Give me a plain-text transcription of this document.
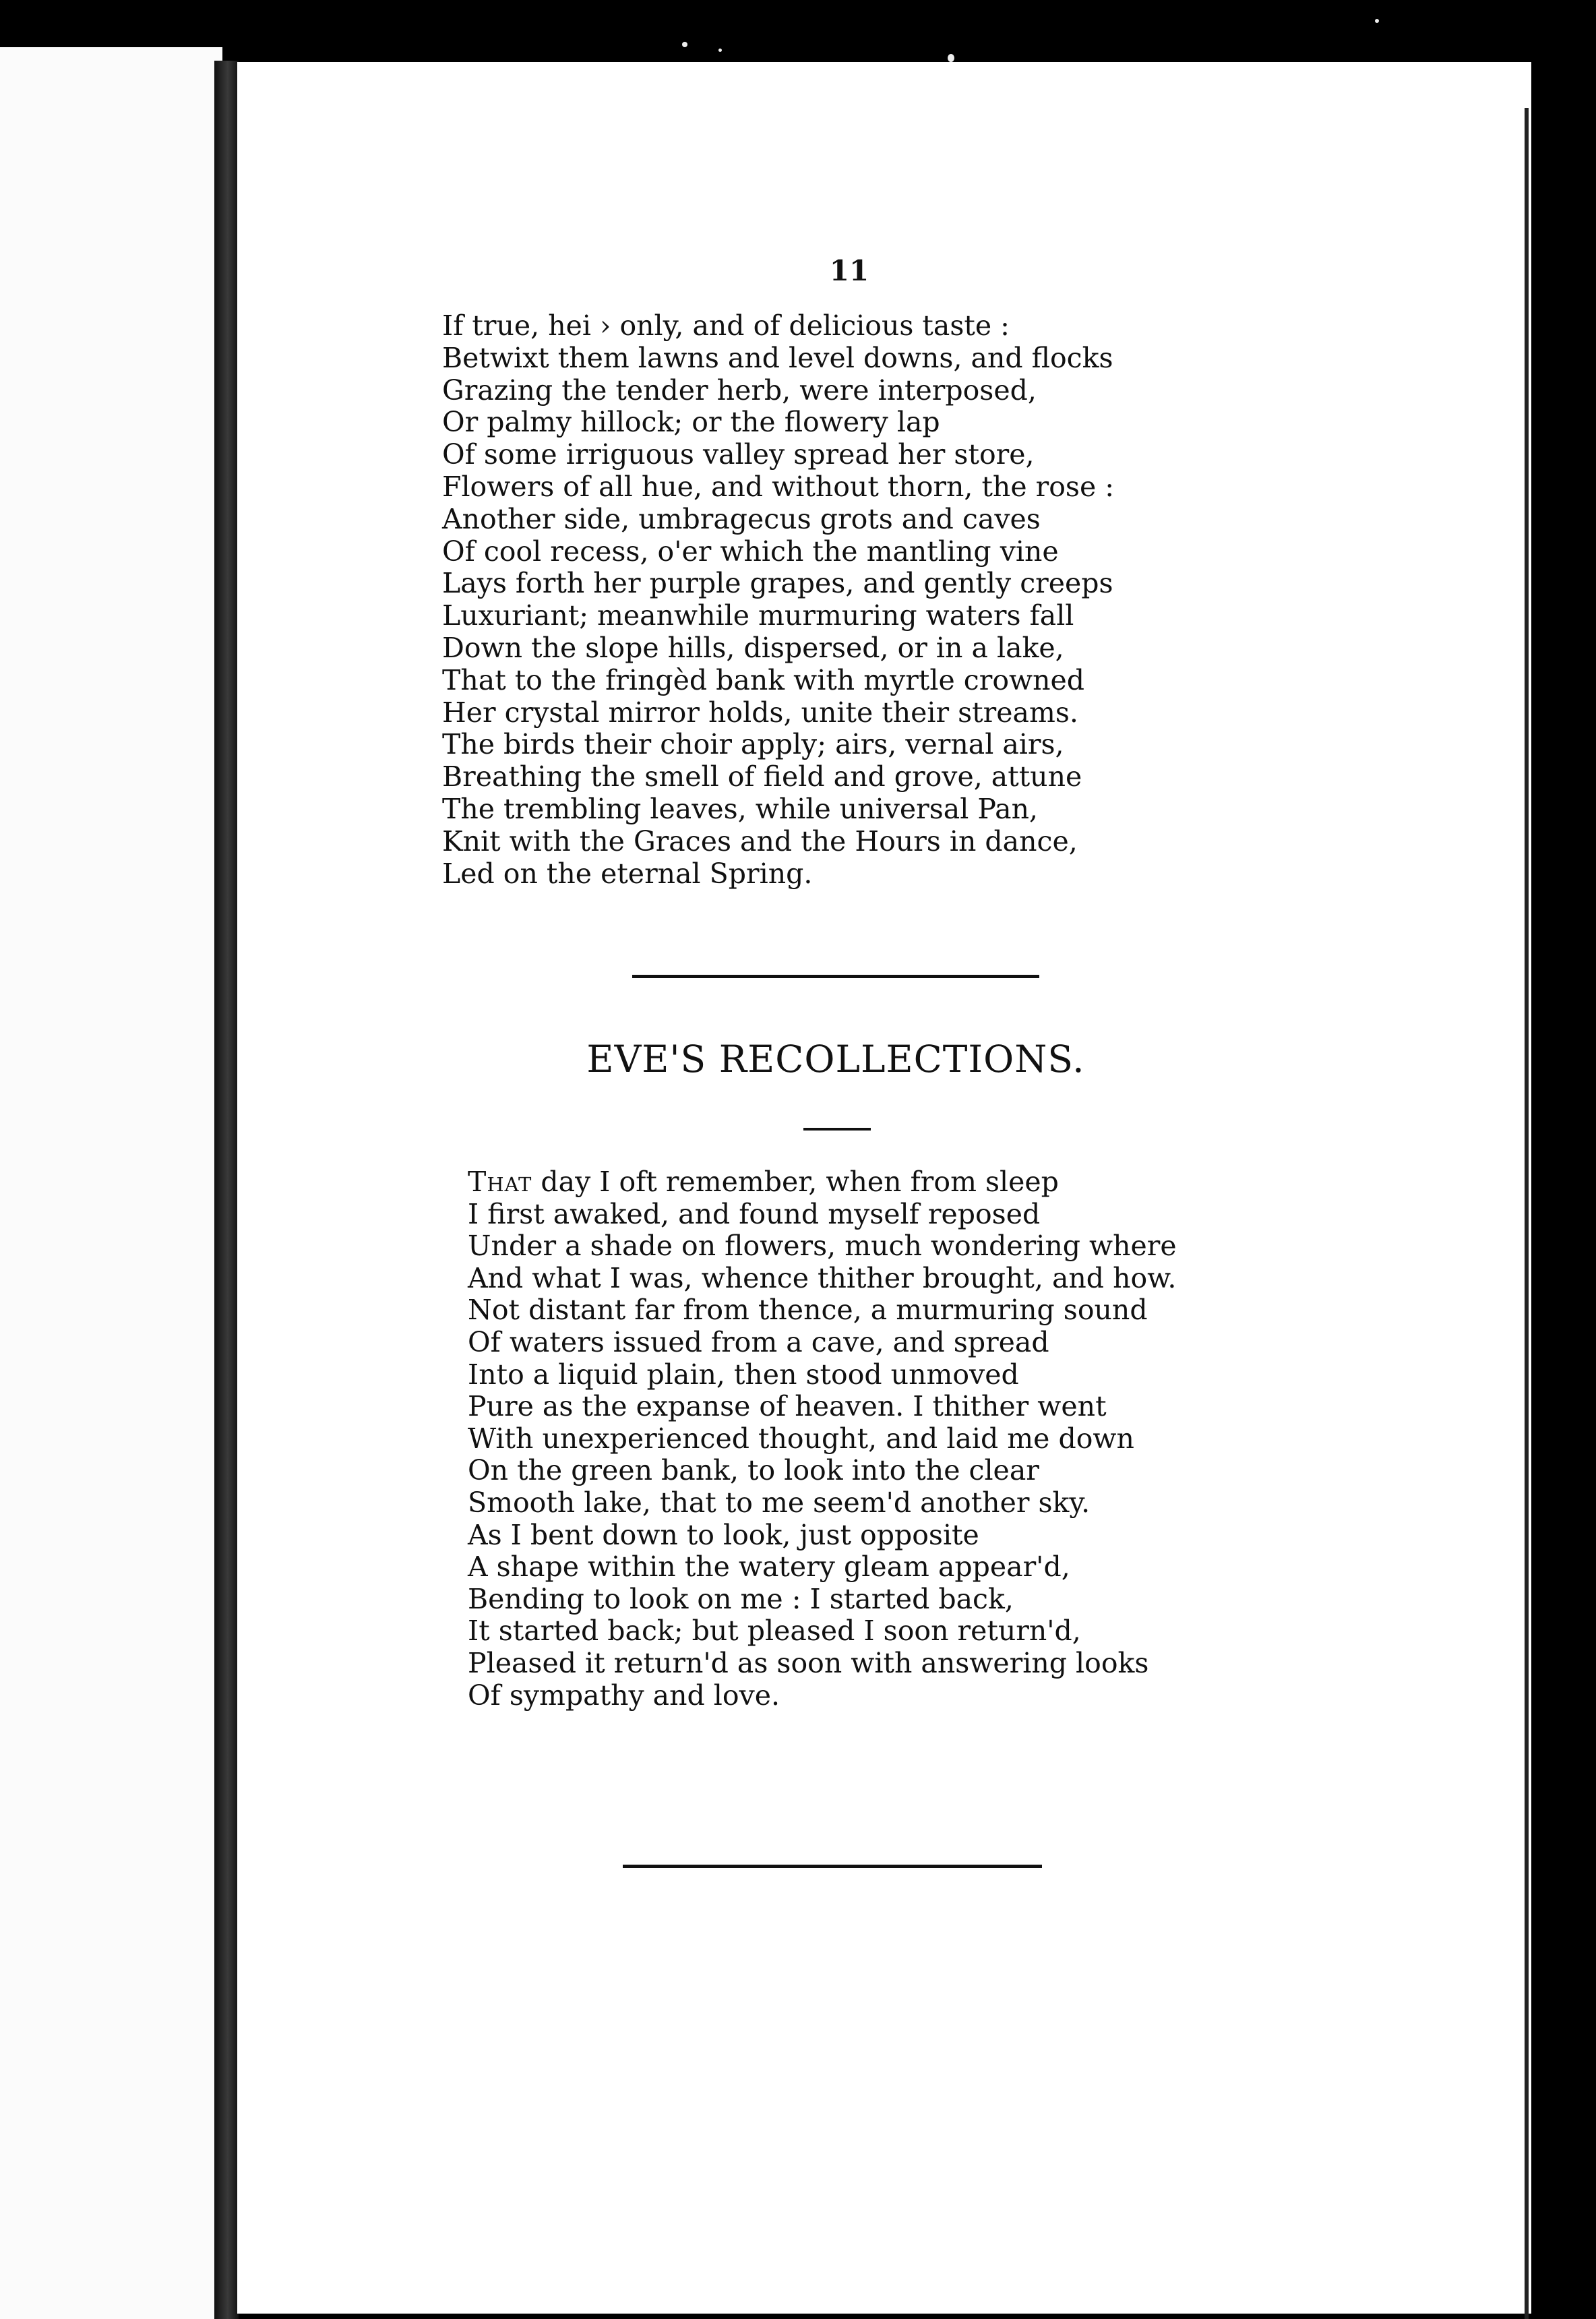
11
If true, hei › only, and of delicious taste :
Betwixt them lawns and level downs, and flocks
Grazing the tender herb, were interposed,
Or palmy hillock; or the flowery lap
Of some irriguous valley spread her store,
Flowers of all hue, and without thorn, the rose :
Another side, umbragecus grots and caves
Of cool recess, o'er which the mantling vine
Lays forth her purple grapes, and gently creeps
Luxuriant; meanwhile murmuring waters fall
Down the slope hills, dispersed, or in a lake,
That to the fringèd bank with myrtle crowned
Her crystal mirror holds, unite their streams.
The birds their choir apply; airs, vernal airs,
Breathing the smell of field and grove, attune
The trembling leaves, while universal Pan,
Knit with the Graces and the Hours in dance,
Led on the eternal Spring.
EVE'S RECOLLECTIONS.
That day I oft remember, when from sleep
I first awaked, and found myself reposed
Under a shade on flowers, much wondering where
And what I was, whence thither brought, and how.
Not distant far from thence, a murmuring sound
Of waters issued from a cave, and spread
Into a liquid plain, then stood unmoved
Pure as the expanse of heaven. I thither went
With unexperienced thought, and laid me down
On the green bank, to look into the clear
Smooth lake, that to me seem'd another sky.
As I bent down to look, just opposite
A shape within the watery gleam appear'd,
Bending to look on me : I started back,
It started back; but pleased I soon return'd,
Pleased it return'd as soon with answering looks
Of sympathy and love.
